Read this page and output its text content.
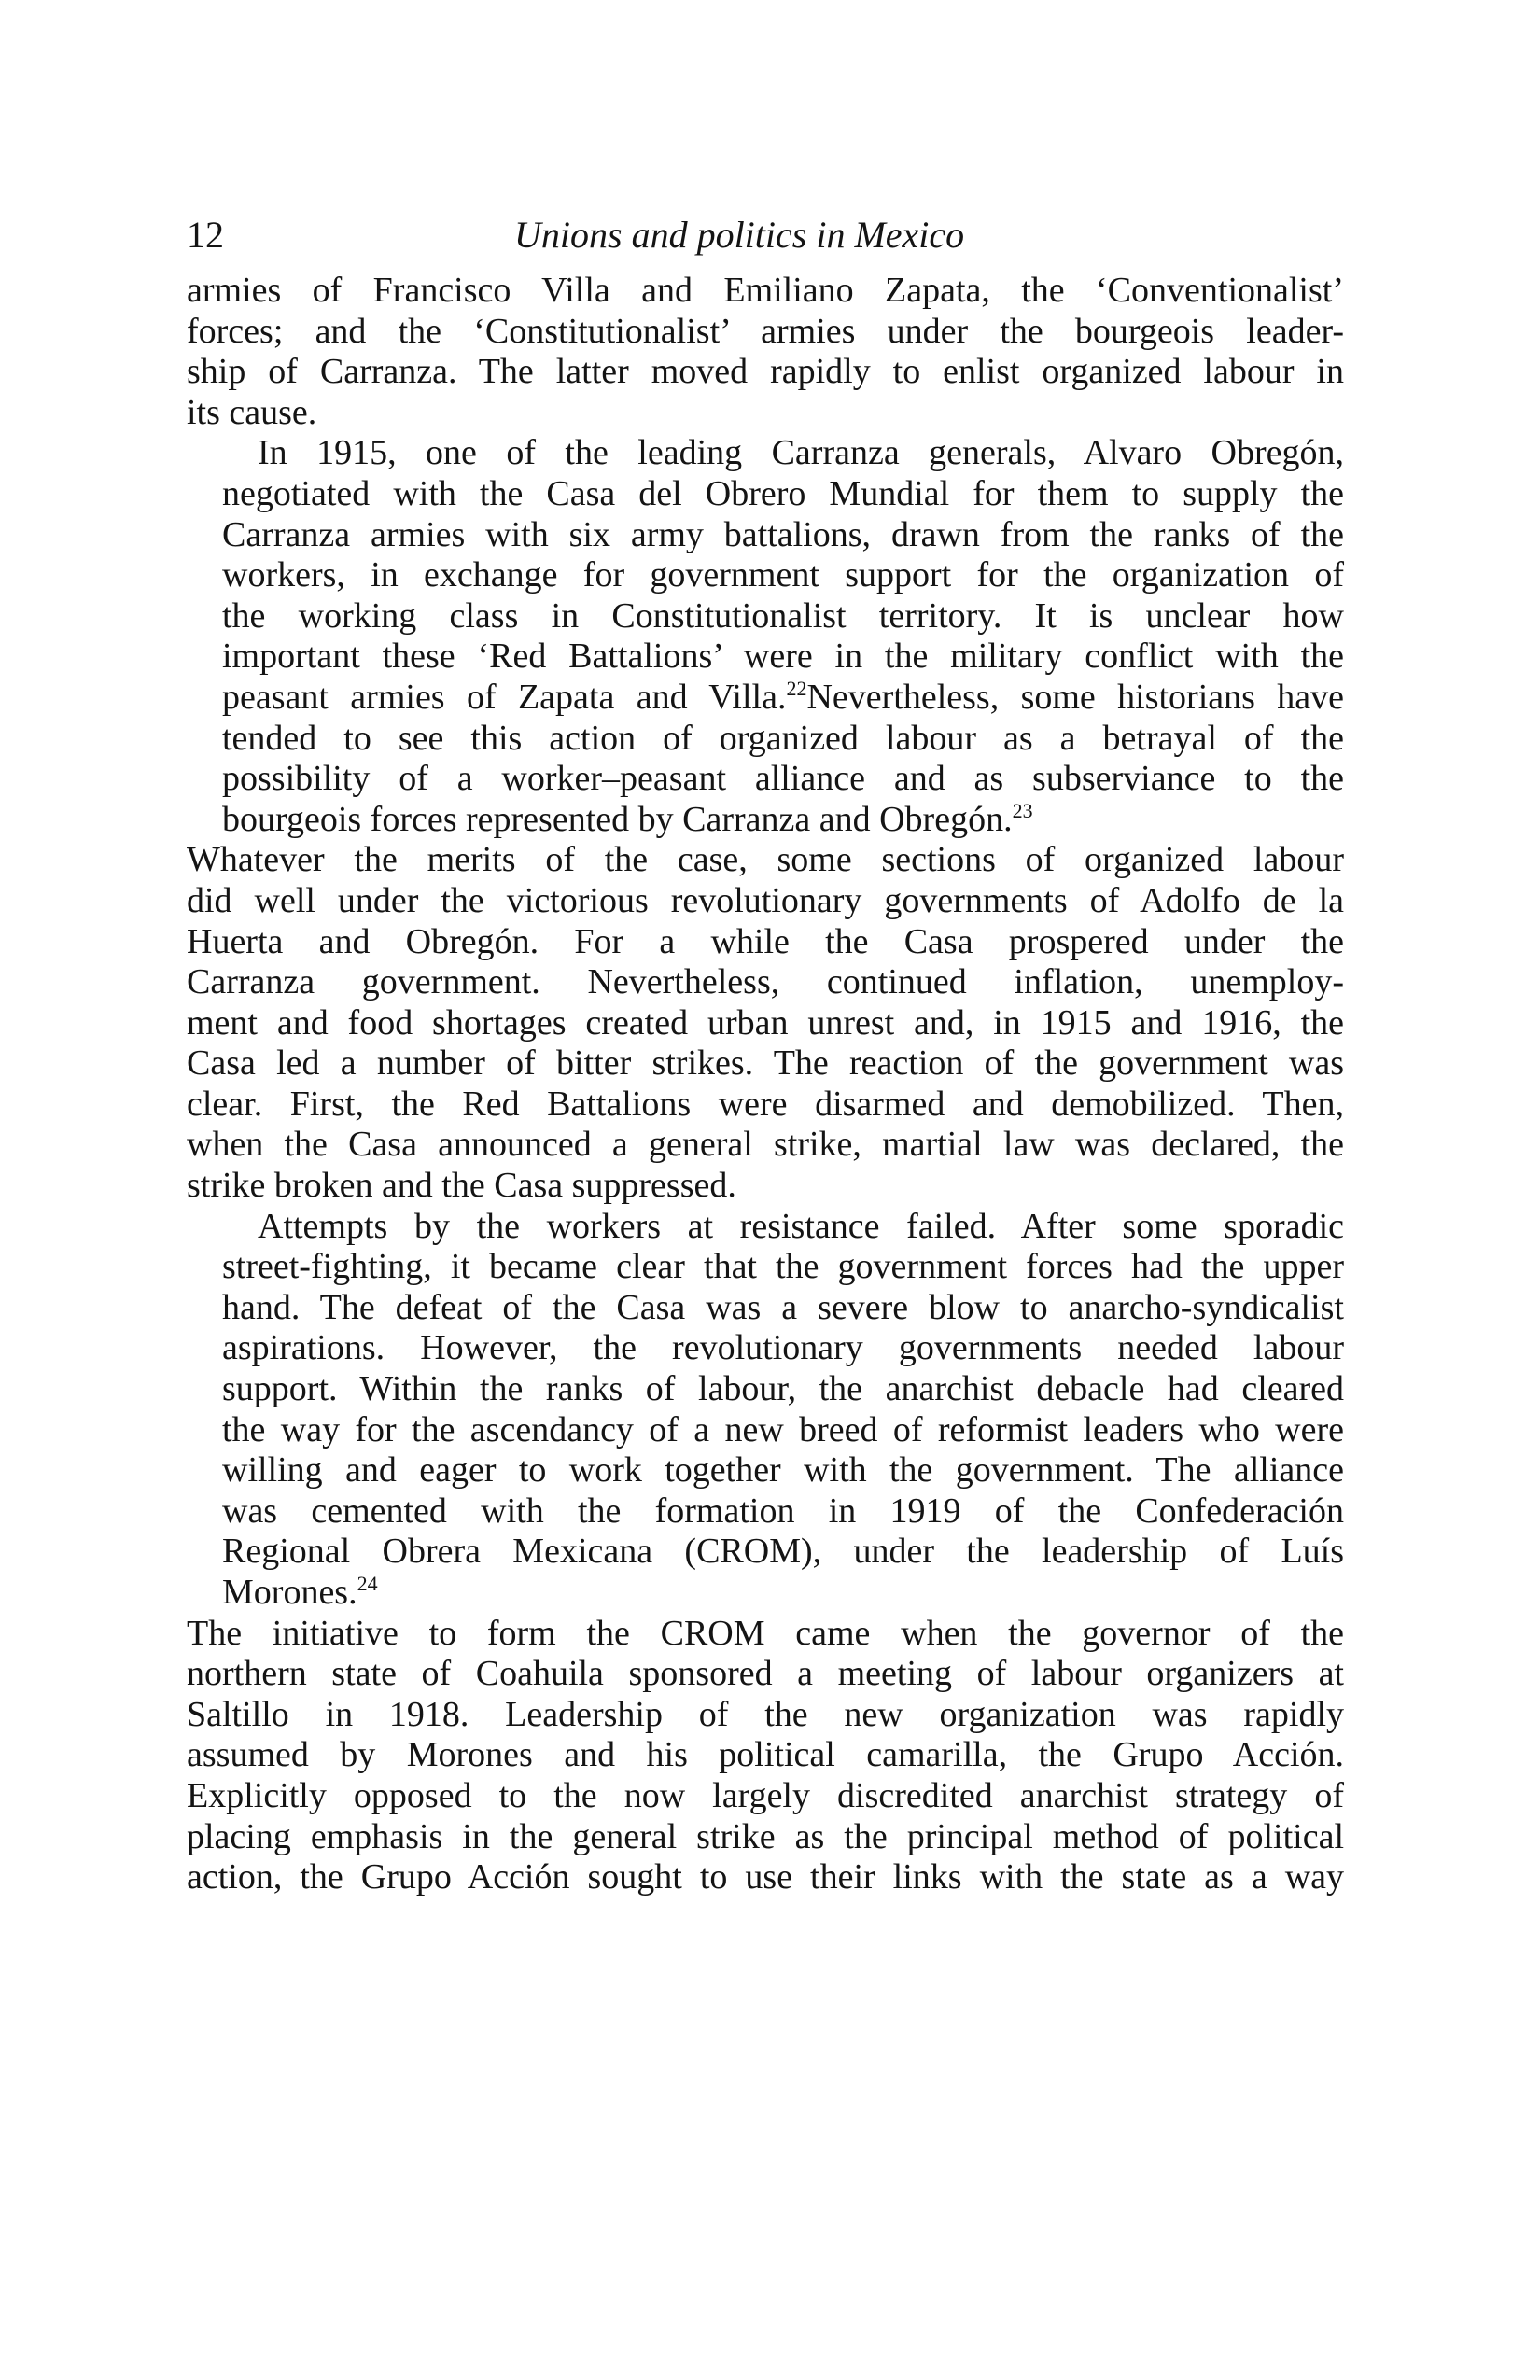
12	Unions and politics in Mexico
armies of Francisco Villa and Emiliano Zapata, the ‘Conventionalist’
forces; and the ‘Constitutionalist’ armies under the bourgeois leader-
ship of Carranza. The latter moved rapidly to enlist organized labour in
its cause.
In 1915, one of the leading Carranza generals, Alvaro Obregón,
negotiated with the Casa del Obrero Mundial for them to supply the
Carranza armies with six army battalions, drawn from the ranks of the
workers, in exchange for government support for the organization of
the working class in Constitutionalist territory. It is unclear how
important these ‘Red Battalions’ were in the military conflict with the
peasant armies of Zapata and Villa.$^{22}$Nevertheless, some historians have
tended to see this action of organized labour as a betrayal of the
possibility of a worker–peasant alliance and as subserviance to the
bourgeois forces represented by Carranza and Obregón.$^{23}$
Whatever the merits of the case, some sections of organized labour
did well under the victorious revolutionary governments of Adolfo de la
Huerta and Obregón. For a while the Casa prospered under the
Carranza government. Nevertheless, continued inflation, unemploy-
ment and food shortages created urban unrest and, in 1915 and 1916, the
Casa led a number of bitter strikes. The reaction of the government was
clear. First, the Red Battalions were disarmed and demobilized. Then,
when the Casa announced a general strike, martial law was declared, the
strike broken and the Casa suppressed.
Attempts by the workers at resistance failed. After some sporadic
street-fighting, it became clear that the government forces had the upper
hand. The defeat of the Casa was a severe blow to anarcho-syndicalist
aspirations. However, the revolutionary governments needed labour
support. Within the ranks of labour, the anarchist debacle had cleared
the way for the ascendancy of a new breed of reformist leaders who were
willing and eager to work together with the government. The alliance
was cemented with the formation in 1919 of the Confederación
Regional Obrera Mexicana (CROM), under the leadership of Luís
Morones.$^{24}$
The initiative to form the CROM came when the governor of the
northern state of Coahuila sponsored a meeting of labour organizers at
Saltillo in 1918. Leadership of the new organization was rapidly
assumed by Morones and his political camarilla, the Grupo Acción.
Explicitly opposed to the now largely discredited anarchist strategy of
placing emphasis in the general strike as the principal method of political
action, the Grupo Acción sought to use their links with the state as a way
